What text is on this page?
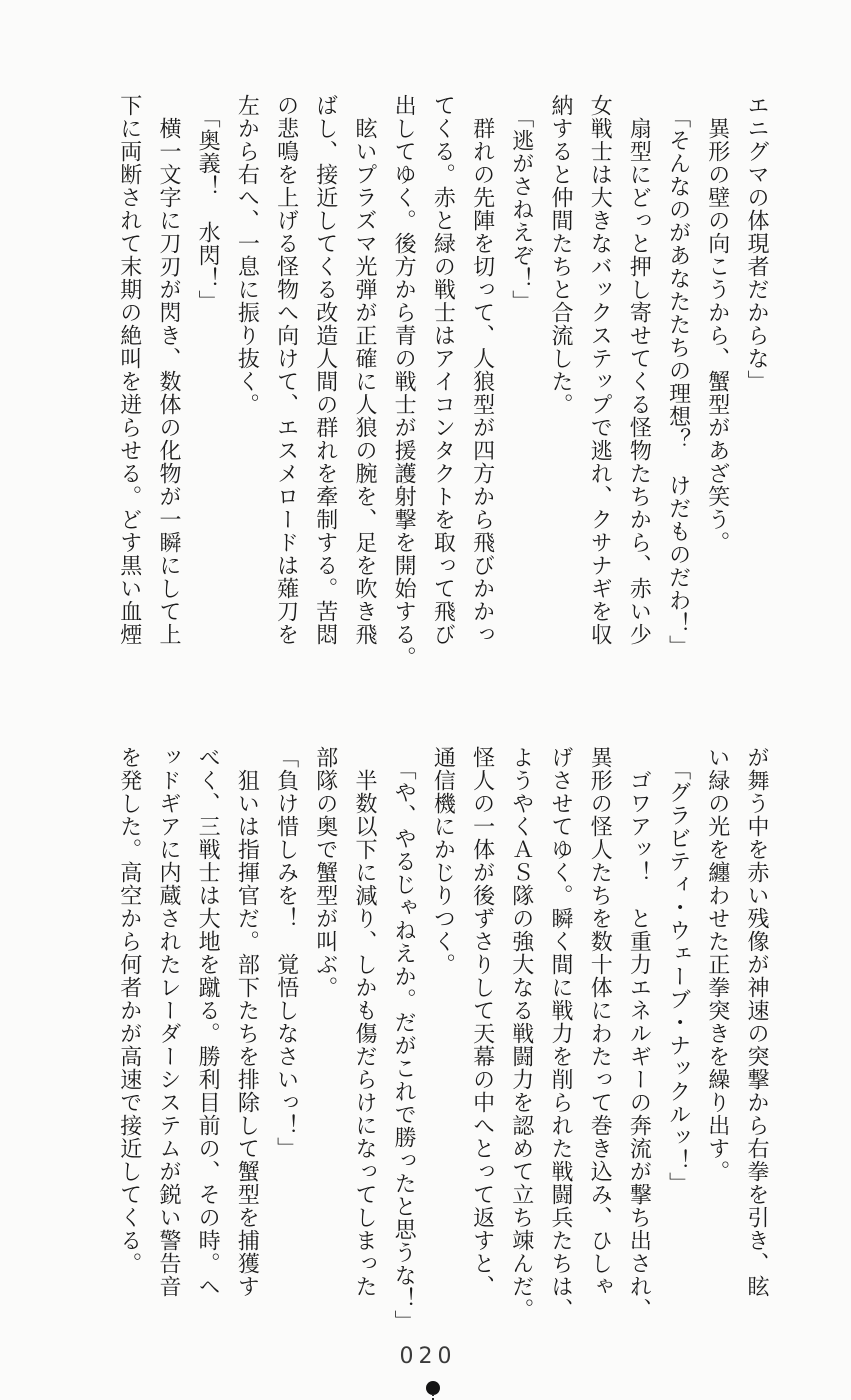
エニグマの体現者だからな」
　異形の壁の向こうから、蟹型があざ笑う。
　「そんなのがあなたたちの理想？　けだものだわ！」
　扇型にどっと押し寄せてくる怪物たちから、赤い少
女戦士は大きなバックステップで逃れ、クサナギを収
納すると仲間たちと合流した。
　「逃がさねえぞ！」
　群れの先陣を切って、人狼型が四方から飛びかかっ
てくる。赤と緑の戦士はアイコンタクトを取って飛び
出してゆく。後方から青の戦士が援護射撃を開始する。
　眩いプラズマ光弾が正確に人狼の腕を、足を吹き飛
ばし、接近してくる改造人間の群れを牽制する。苦悶
の悲鳴を上げる怪物へ向けて、エスメロードは薙刀を
左から右へ、一息に振り抜く。
　「奥義！　水閃！」
　横一文字に刀刃が閃き、数体の化物が一瞬にして上
下に両断されて末期の絶叫を迸らせる。どす黒い血煙
が舞う中を赤い残像が神速の突撃から右拳を引き、眩
い緑の光を纏わせた正拳突きを繰り出す。
　「グラビティ・ウェーブ・ナックルッ！」
　ゴワアッ！　と重力エネルギーの奔流が撃ち出され、
異形の怪人たちを数十体にわたって巻き込み、ひしゃ
げさせてゆく。瞬く間に戦力を削られた戦闘兵たちは、
ようやくＡＳ隊の強大なる戦闘力を認めて立ち竦んだ。
怪人の一体が後ずさりして天幕の中へとって返すと、
通信機にかじりつく。
　「や、やるじゃねえか。だがこれで勝ったと思うな！」
　半数以下に減り、しかも傷だらけになってしまった
部隊の奥で蟹型が叫ぶ。
「負け惜しみを！　覚悟しなさいっ！」
　狙いは指揮官だ。部下たちを排除して蟹型を捕獲す
べく、三戦士は大地を蹴る。勝利目前の、その時。ヘ
ッドギアに内蔵されたレーダーシステムが鋭い警告音
を発した。高空から何者かが高速で接近してくる。
020
